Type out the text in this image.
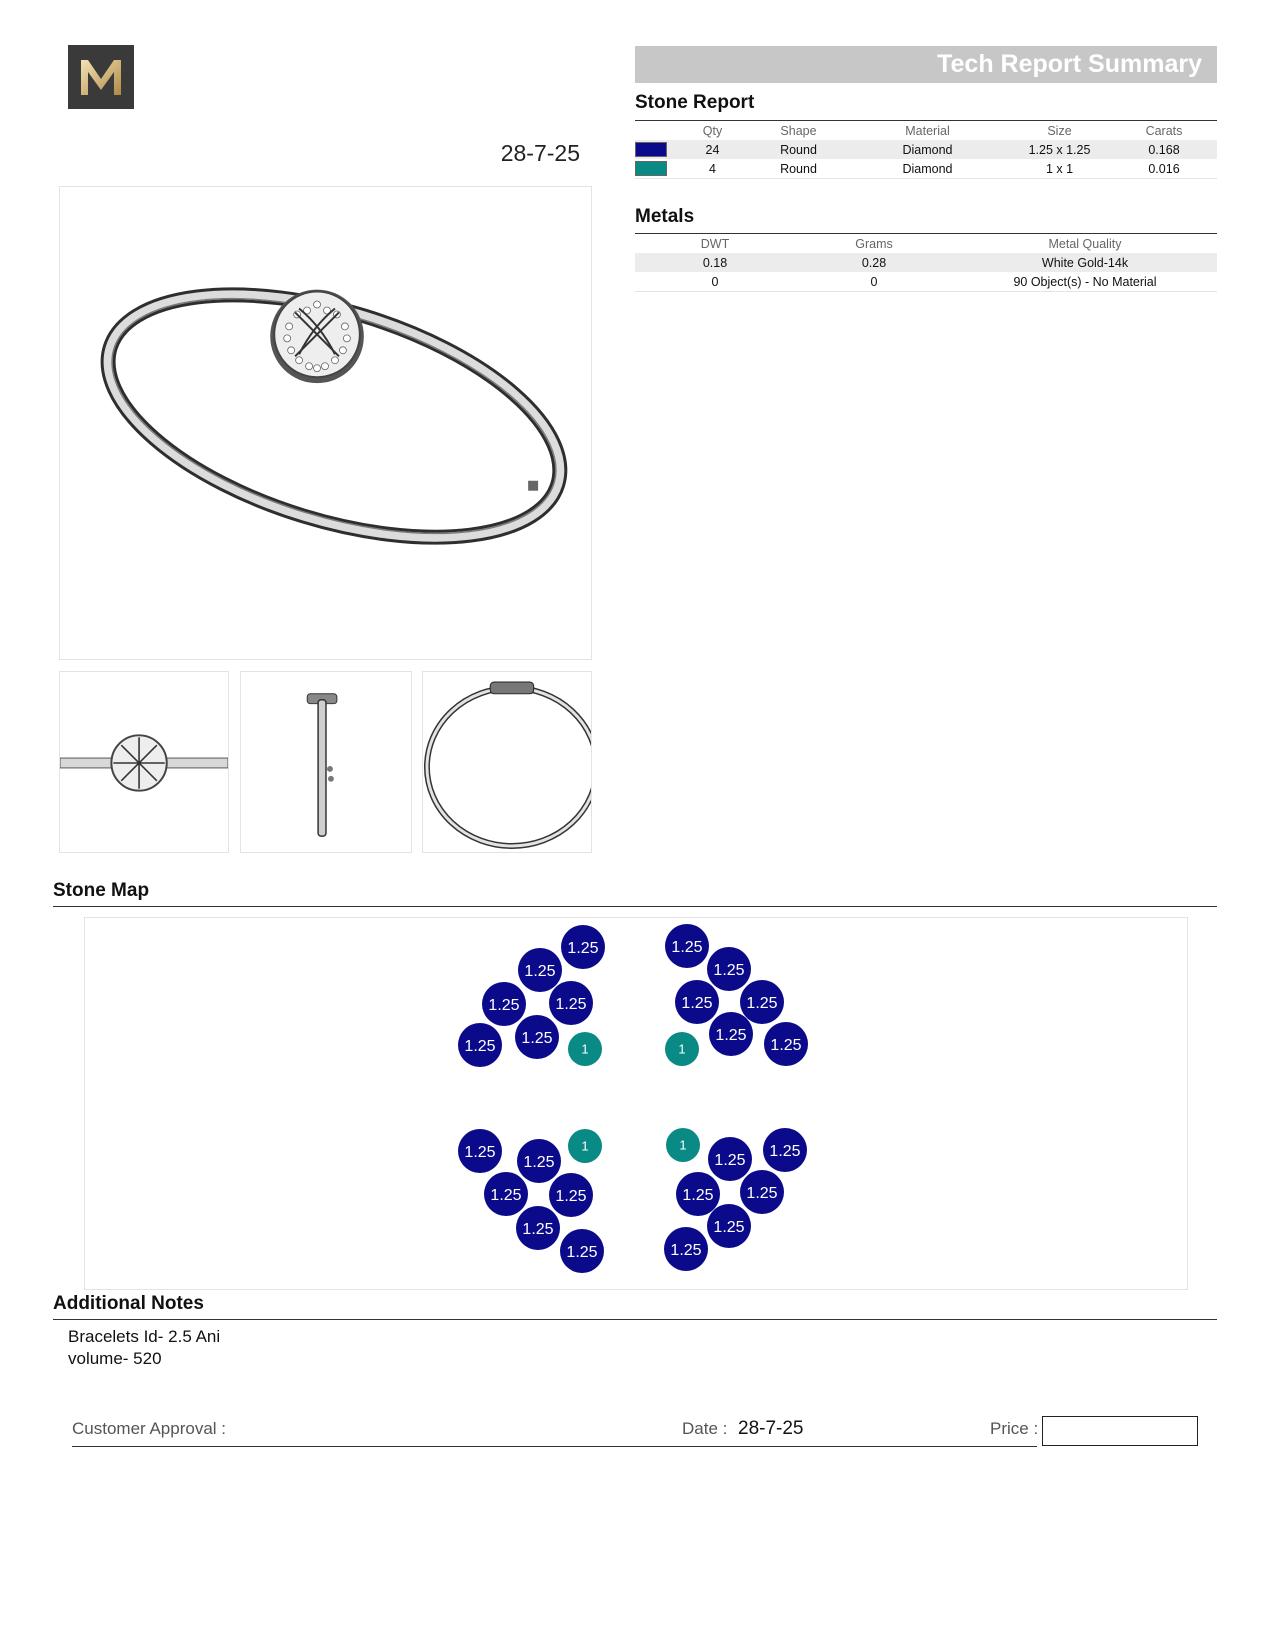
28-7-25
Tech Report Summary
Stone Report
	Qty	Shape	Material	Size	Carats
	24	Round	Diamond	1.25 x 1.25	0.168
	4	Round	Diamond	1 x 1	0.016
Metals
DWT	Grams	Metal Quality
0.18	0.28	White Gold-14k
0	0	90 Object(s) - No Material
Stone Map
1.25
1.25
1.25 1.25
1.25
1.25
1.25
1.25
1.25 1.25
1.25
1.25
1.25
1.25
1.25 1.25
1.25
1.25
1.25
1.25
1.25 1.25
1.25
1.25
1	1
1	1
Additional Notes
Bracelets Id- 2.5 Ani
volume- 520
Customer Approval :	Date : 28-7-25	Price :
